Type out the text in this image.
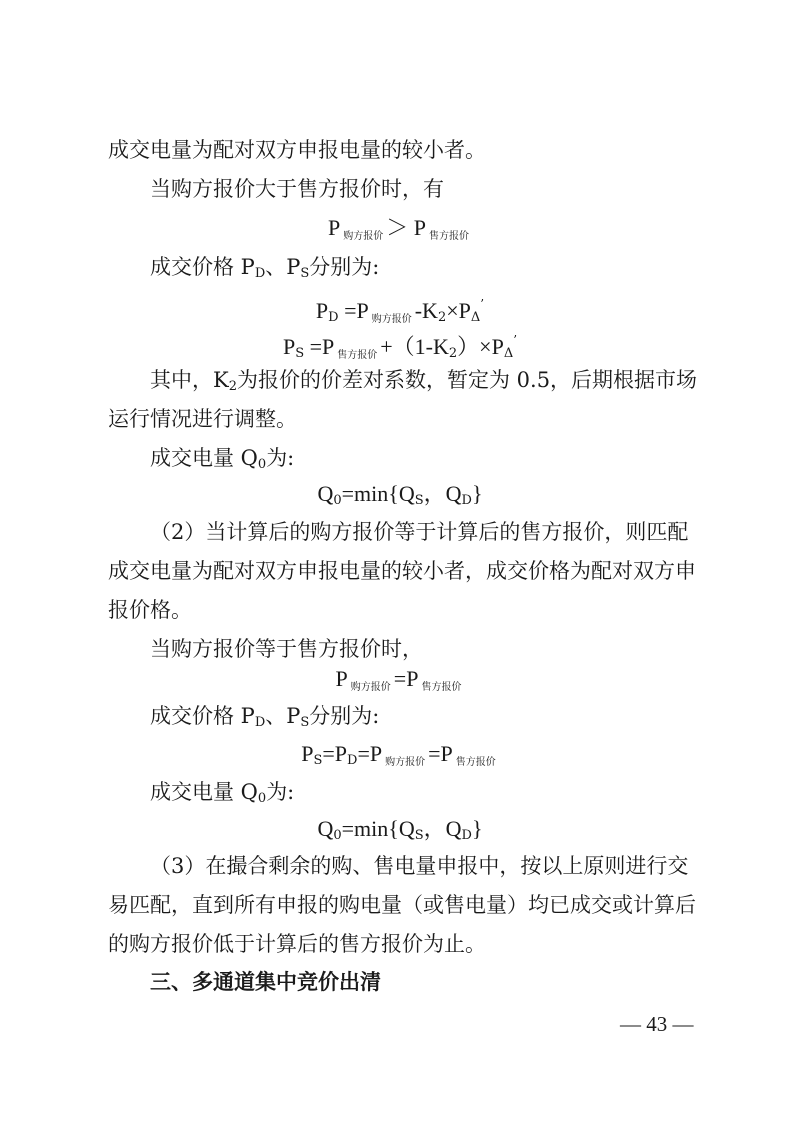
成交电量为配对双方申报电量的较小者。
当购方报价大于售方报价时，有
P购方报价 ＞ P 售方报价
成交价格 $P_D$、$P_S$分别为:
$P_D =P$ 购方报价 $-K_2\times P_\Delta^’$
$P_S =P$ 售方报价 $+(1-K_2)\times P_\Delta^’$
其中，$K_2$为报价的价差对系数，暂定为 0.5，后期根据市场
运行情况进行调整。
成交电量 $Q_0$为:
$Q_0=\min\{Q_S$，$Q_D$}
（2）当计算后的购方报价等于计算后的售方报价，则匹配
成交电量为配对双方申报电量的较小者，成交价格为配对双方申
报价格。
当购方报价等于售方报价时，
P购方报价 =P 售方报价
成交价格 $P_D$、$P_S$分别为:
$P_S=P_D=P$ 购方报价 =P 售方报价
成交电量 $Q_0$为:
$Q_0=\min\{Q_S$，$Q_D$}
（3）在撮合剩余的购、售电量申报中，按以上原则进行交
易匹配，直到所有申报的购电量（或售电量）均已成交或计算后
的购方报价低于计算后的售方报价为止。
三、多通道集中竞价出清
— 43 —
